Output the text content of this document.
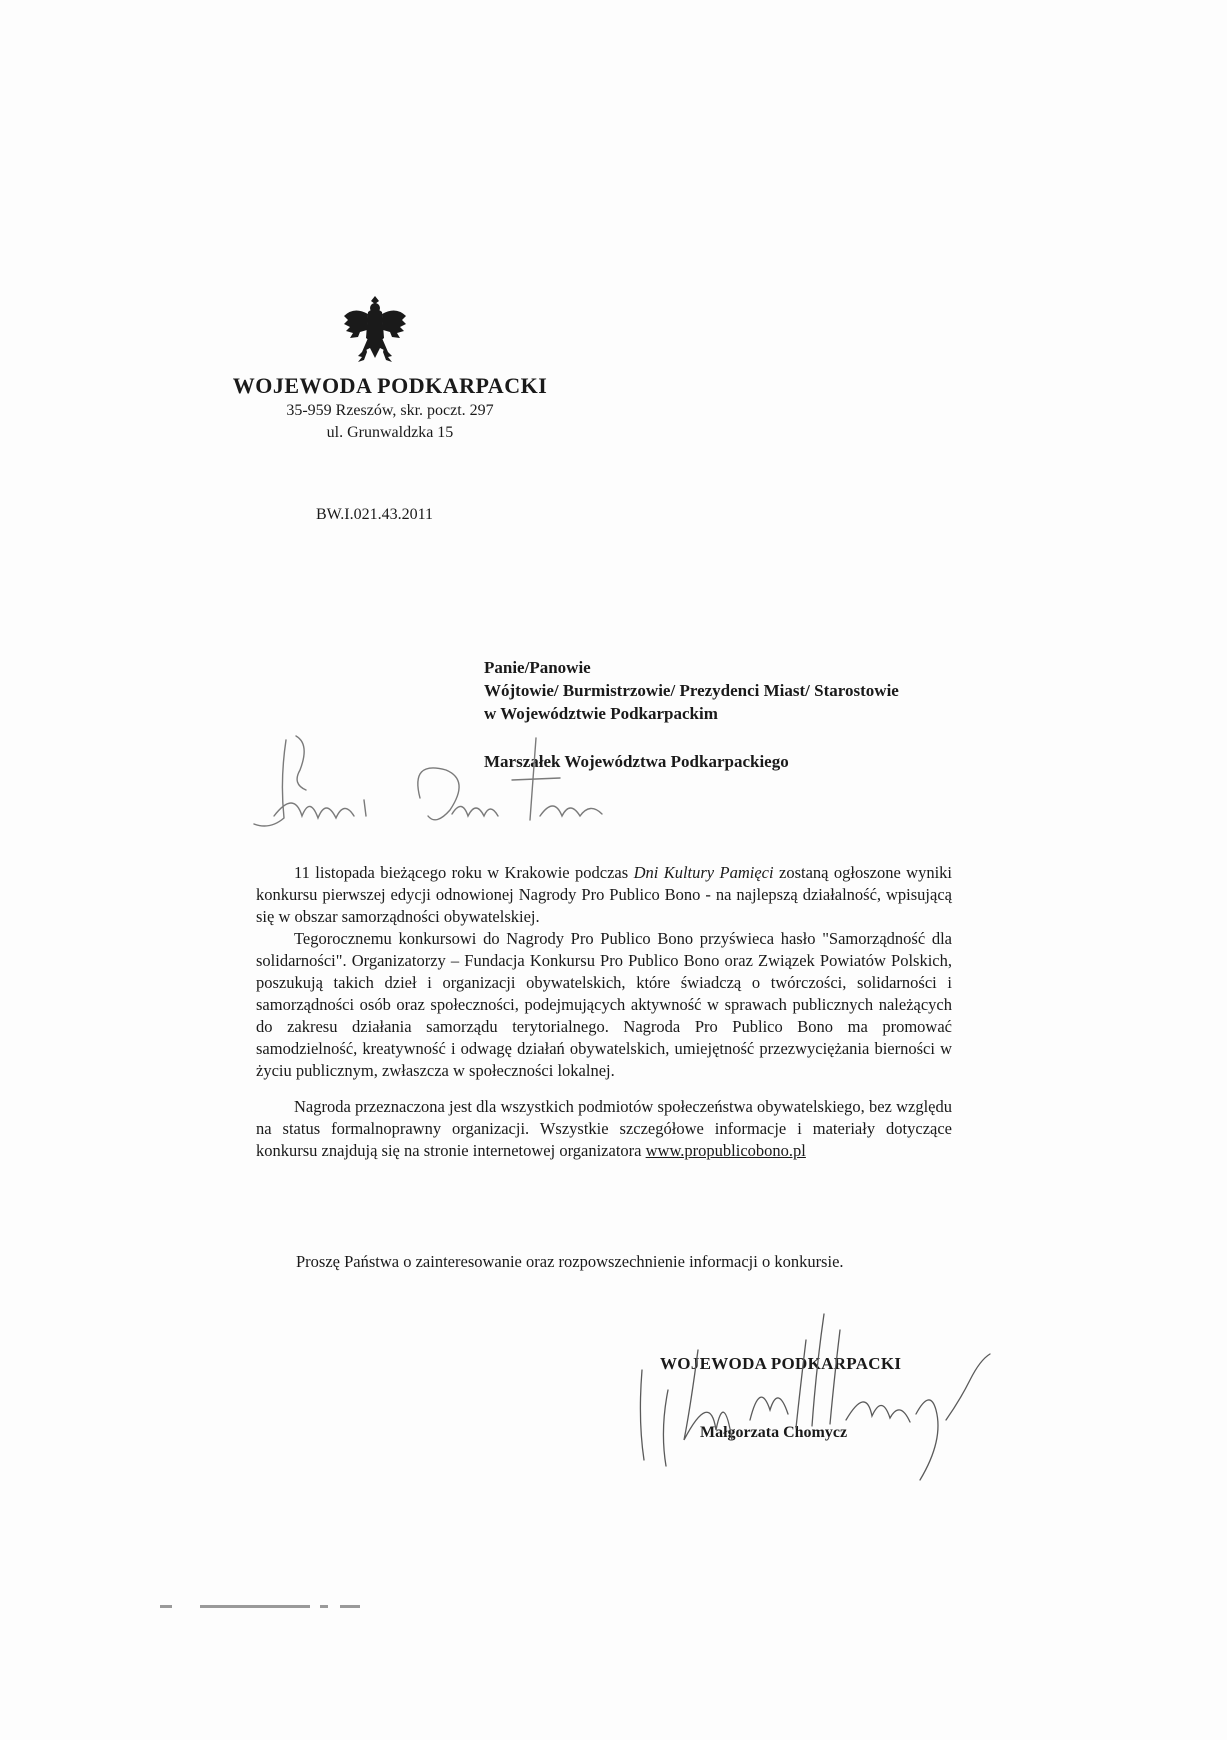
WOJEWODA PODKARPACKI
35-959 Rzeszów, skr. poczt. 297
ul. Grunwaldzka 15
BW.I.021.43.2011
Panie/Panowie
Wójtowie/ Burmistrzowie/ Prezydenci Miast/ Starostowie
w Województwie Podkarpackim
Marszałek Województwa Podkarpackiego

11 listopada bieżącego roku w Krakowie podczas Dni Kultury Pamięci zostaną ogłoszone wyniki konkursu pierwszej edycji odnowionej Nagrody Pro Publico Bono - na najlepszą działalność, wpisującą się w obszar samorządności obywatelskiej.

Tegorocznemu konkursowi do Nagrody Pro Publico Bono przyświeca hasło "Samorządność dla solidarności". Organizatorzy – Fundacja Konkursu Pro Publico Bono oraz Związek Powiatów Polskich, poszukują takich dzieł i organizacji obywatelskich, które świadczą o twórczości, solidarności i samorządności osób oraz społeczności, podejmujących aktywność w sprawach publicznych należących do zakresu działania samorządu terytorialnego. Nagroda Pro Publico Bono ma promować samodzielność, kreatywność i odwagę działań obywatelskich, umiejętność przezwyciężania bierności w życiu publicznym, zwłaszcza w społeczności lokalnej.

Nagroda przeznaczona jest dla wszystkich podmiotów społeczeństwa obywatelskiego, bez względu na status formalnoprawny organizacji. Wszystkie szczegółowe informacje i materiały dotyczące konkursu znajdują się na stronie internetowej organizatora www.propublicobono.pl

Proszę Państwa o zainteresowanie oraz rozpowszechnienie informacji o konkursie.
WOJEWODA PODKARPACKI
Małgorzata Chomycz
